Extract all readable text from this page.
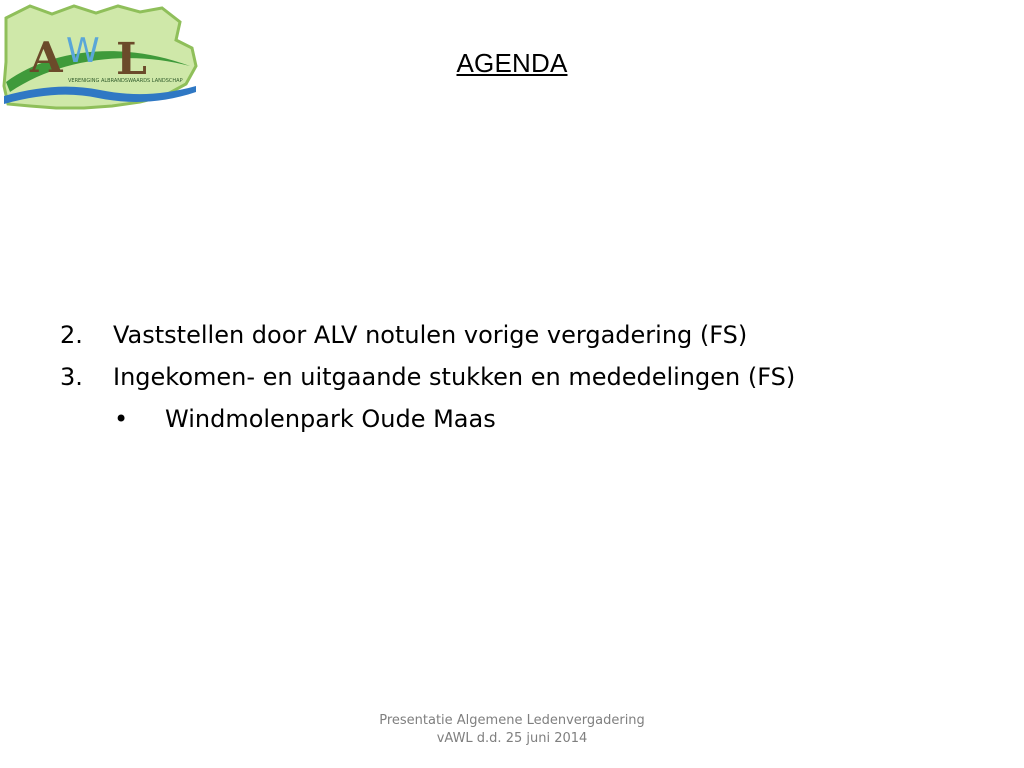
A W L
VERENIGING ALBRANDSWAARDS LANDSCHAP
AGENDA
2. Vaststellen door ALV notulen vorige vergadering (FS)
3. Ingekomen- en uitgaande stukken en mededelingen (FS)
• Windmolenpark Oude Maas
Presentatie Algemene Ledenvergadering
vAWL d.d. 25 juni 2014
